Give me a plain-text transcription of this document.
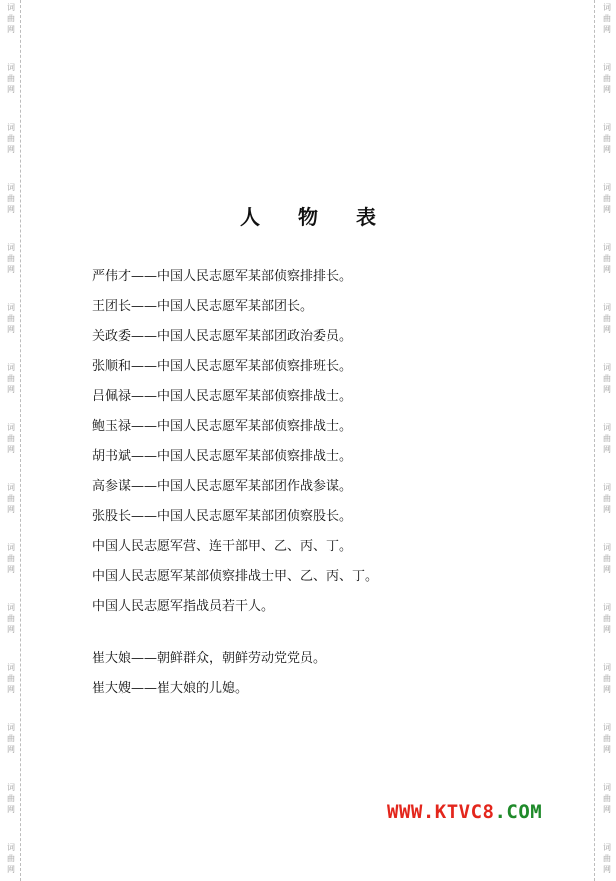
词
曲
网
词
曲
网
词
曲
网
词
曲
网
词
曲
网
词
曲
网
词
曲
网
词
曲
网
词
曲
网
词
曲
网
词
曲
网
词
曲
网
词
曲
网
词
曲
网
词
曲
网
词
曲
网
词
曲
网
词
曲
网
词
曲
网
词
曲
网
词
曲
网
词
曲
网
词
曲
网
词
曲
网
词
曲
网
词
曲
网
词
曲
网
词
曲
网
词
曲
网
词
曲
网
人物表
严伟才——中国人民志愿军某部侦察排排长。
王团长——中国人民志愿军某部团长。
关政委——中国人民志愿军某部团政治委员。
张顺和——中国人民志愿军某部侦察排班长。
吕佩禄——中国人民志愿军某部侦察排战士。
鲍玉禄——中国人民志愿军某部侦察排战士。
胡书斌——中国人民志愿军某部侦察排战士。
高参谋——中国人民志愿军某部团作战参谋。
张股长——中国人民志愿军某部团侦察股长。
中国人民志愿军营、连干部甲、乙、丙、丁。
中国人民志愿军某部侦察排战士甲、乙、丙、丁。
中国人民志愿军指战员若干人。
崔大娘——朝鲜群众，朝鲜劳动党党员。
崔大嫂——崔大娘的儿媳。
WWW.KTVC8.COM
